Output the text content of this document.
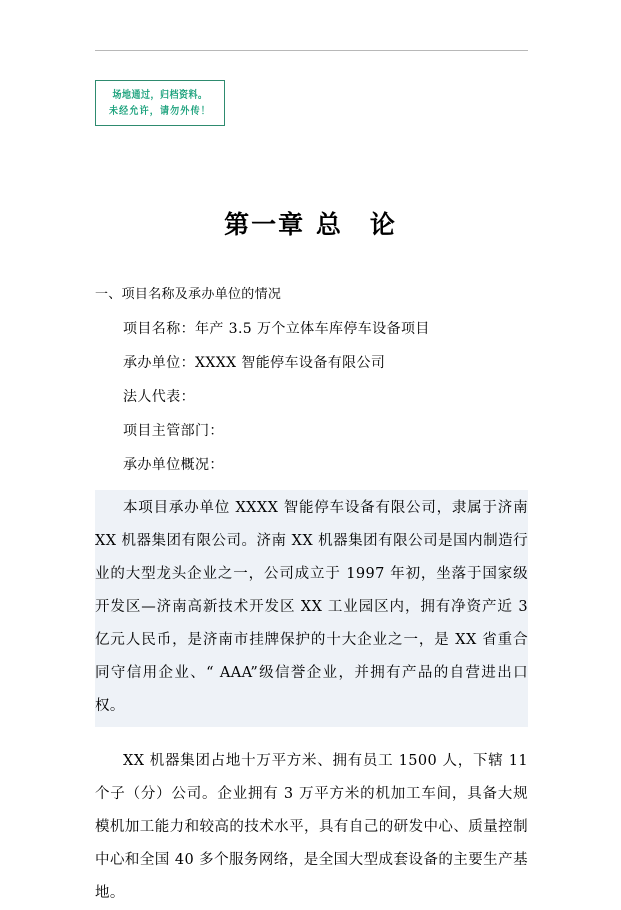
场地通过，归档资料。
未经允许，请勿外传！
第一章 总　论
一、项目名称及承办单位的情况
项目名称：年产 3.5 万个立体车库停车设备项目
承办单位：XXXX 智能停车设备有限公司
法人代表：
项目主管部门：
承办单位概况：
本项目承办单位 XXXX 智能停车设备有限公司，隶属于济南 XX 机器集团有限公司。济南 XX 机器集团有限公司是国内制造行业的大型龙头企业之一，公司成立于 1997 年初，坐落于国家级开发区—济南高新技术开发区 XX 工业园区内，拥有净资产近 3 亿元人民币，是济南市挂牌保护的十大企业之一，是 XX 省重合同守信用企业、“ AAA”级信誉企业，并拥有产品的自营进出口权。
XX 机器集团占地十万平方米、拥有员工 1500 人，下辖 11 个子（分）公司。企业拥有 3 万平方米的机加工车间，具备大规模机加工能力和较高的技术水平，具有自己的研发中心、质量控制中心和全国 40 多个服务网络，是全国大型成套设备的主要生产基地。
